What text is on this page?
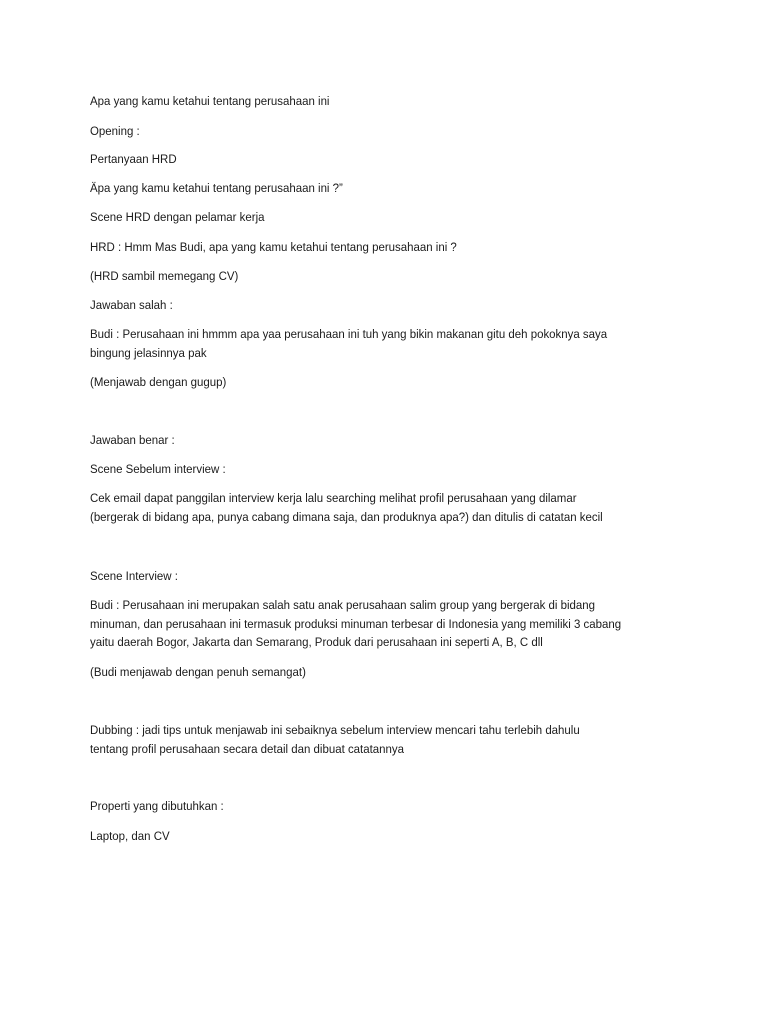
Apa yang kamu ketahui tentang perusahaan ini
Opening :
Pertanyaan HRD
Äpa yang kamu ketahui tentang perusahaan ini ?”
Scene HRD dengan pelamar kerja
HRD : Hmm Mas Budi, apa yang kamu ketahui tentang perusahaan ini ?
(HRD sambil memegang CV)
Jawaban salah :
Budi : Perusahaan ini hmmm apa yaa perusahaan ini tuh yang bikin makanan gitu deh pokoknya saya
bingung jelasinnya pak
(Menjawab dengan gugup)
Jawaban benar :
Scene Sebelum interview :
Cek email dapat panggilan interview kerja lalu searching melihat profil perusahaan yang dilamar
(bergerak di bidang apa, punya cabang dimana saja, dan produknya apa?) dan ditulis di catatan kecil
Scene Interview :
Budi : Perusahaan ini merupakan salah satu anak perusahaan salim group yang bergerak di bidang
minuman, dan perusahaan ini termasuk produksi minuman terbesar di Indonesia yang memiliki 3 cabang
yaitu daerah Bogor, Jakarta dan Semarang, Produk dari perusahaan ini seperti A, B, C dll
(Budi menjawab dengan penuh semangat)
Dubbing : jadi tips untuk menjawab ini sebaiknya sebelum interview mencari tahu terlebih dahulu
tentang profil perusahaan secara detail dan dibuat catatannya
Properti yang dibutuhkan :
Laptop, dan CV
